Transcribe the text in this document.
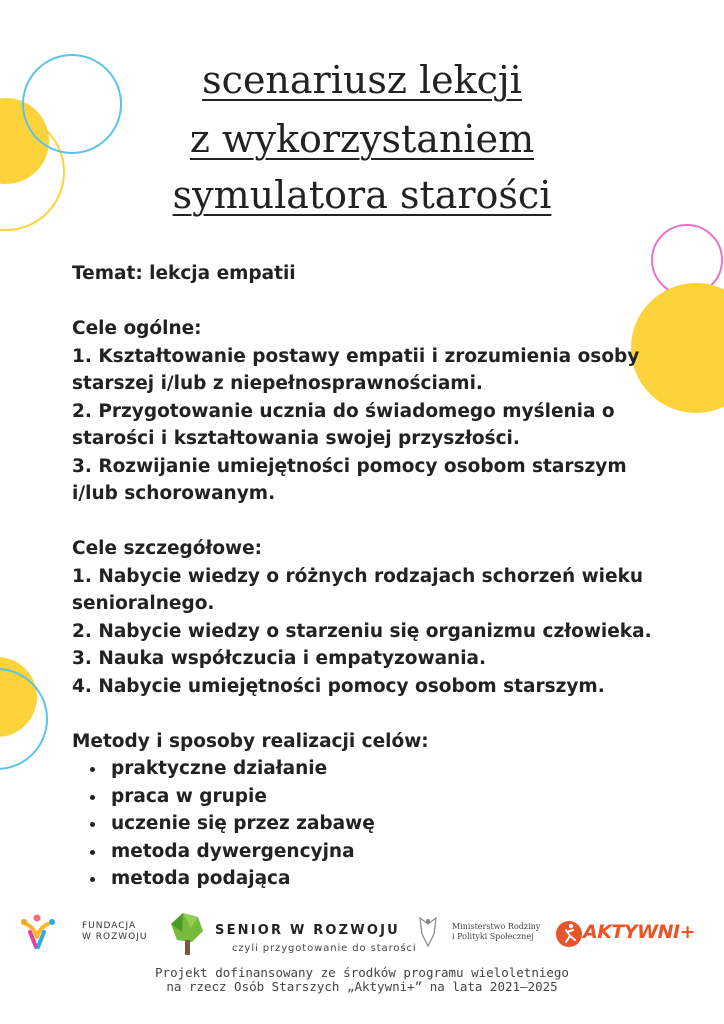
scenariusz lekcji
z wykorzystaniem
symulatora starości
Temat: lekcja empatii
Cele ogólne:
1. Kształtowanie postawy empatii i zrozumienia osoby
starszej i/lub z niepełnosprawnościami.
2. Przygotowanie ucznia do świadomego myślenia o
starości i kształtowania swojej przyszłości.
3. Rozwijanie umiejętności pomocy osobom starszym
i/lub schorowanym.
Cele szczegółowe:
1. Nabycie wiedzy o różnych rodzajach schorzeń wieku
senioralnego.
2. Nabycie wiedzy o starzeniu się organizmu człowieka.
3. Nauka współczucia i empatyzowania.
4. Nabycie umiejętności pomocy osobom starszym.
Metody i sposoby realizacji celów:
• praktyczne działanie
• praca w grupie
• uczenie się przez zabawę
• metoda dywergencyjna
• metoda podająca
FUNDACJA
W ROZWOJU	SENIOR W ROZWOJU
czyli przygotowanie do starości
Ministerstwo Rodziny
i Polityki Społecznej	AKTYWNI+
Projekt dofinansowany ze środków programu wieloletniego
na rzecz Osób Starszych „Aktywni+” na lata 2021–2025
